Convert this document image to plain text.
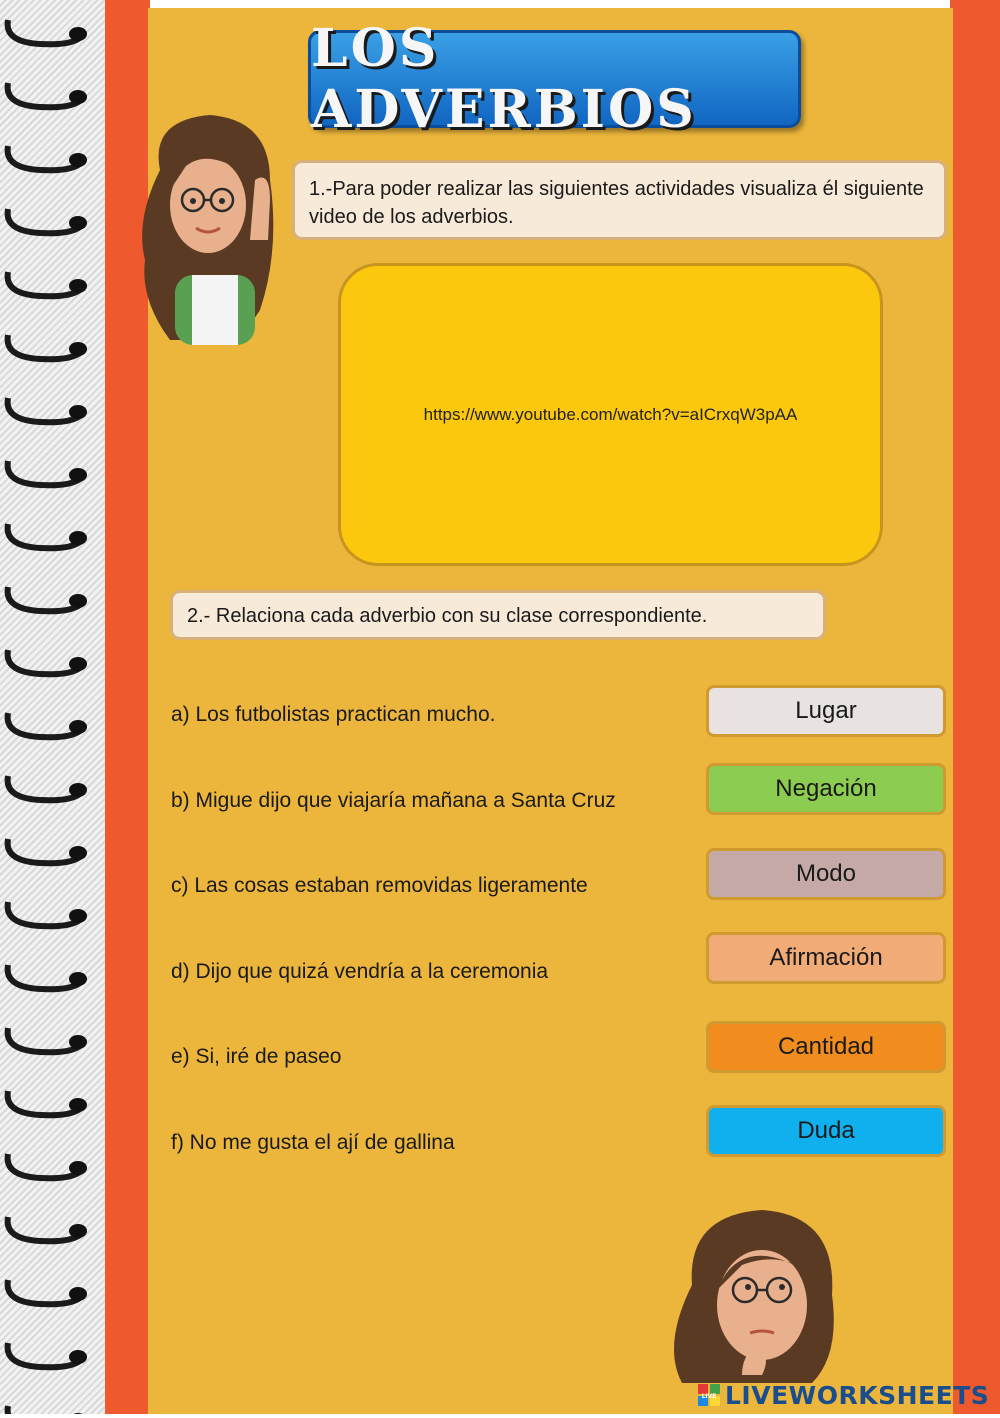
LOS ADVERBIOS
1.-Para poder realizar las siguientes actividades visualiza él siguiente video de los adverbios.
https://www.youtube.com/watch?v=aICrxqW3pAA
2.- Relaciona cada adverbio con su clase correspondiente.
a) Los futbolistas practican mucho.
b) Migue dijo que viajaría mañana a Santa Cruz
c) Las cosas estaban removidas ligeramente
d) Dijo que quizá vendría a la ceremonia
e) Si, iré de paseo
f) No me gusta el ají de gallina
Lugar
Negación
Modo
Afirmación
Cantidad
Duda
LIVE LIVEWORKSHEETS
